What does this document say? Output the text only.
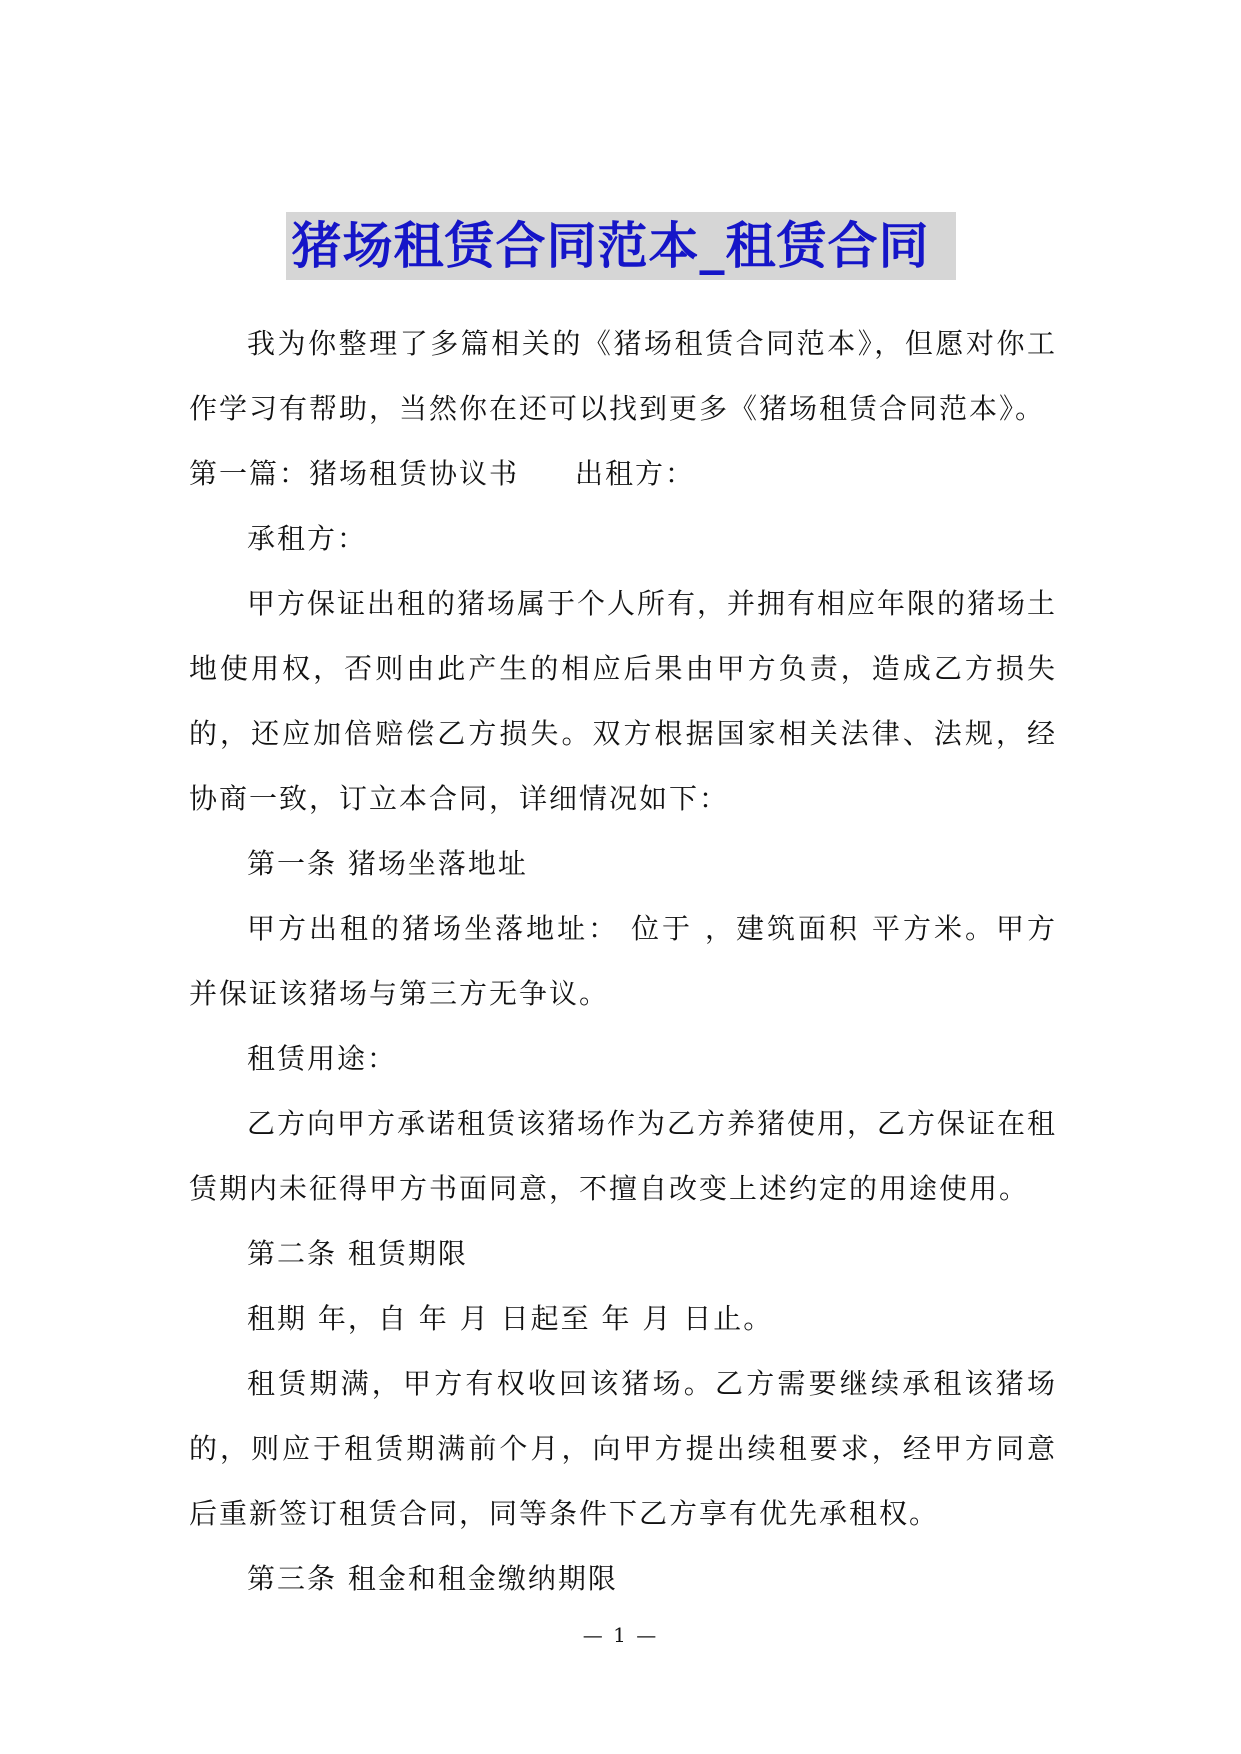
猪场租赁合同范本_租赁合同

我为你整理了多篇相关的《猪场租赁合同范本》，但愿对你工作学习有帮助，当然你在还可以找到更多《猪场租赁合同范本》。

第一篇：猪场租赁协议书 出租方：

承租方：

甲方保证出租的猪场属于个人所有，并拥有相应年限的猪场土地使用权，否则由此产生的相应后果由甲方负责，造成乙方损失的，还应加倍赔偿乙方损失。双方根据国家相关法律、法规，经协商一致，订立本合同，详细情况如下：

第一条 猪场坐落地址

甲方出租的猪场坐落地址： 位于 ，建筑面积 平方米。甲方并保证该猪场与第三方无争议。

租赁用途：

乙方向甲方承诺租赁该猪场作为乙方养猪使用，乙方保证在租赁期内未征得甲方书面同意，不擅自改变上述约定的用途使用。

第二条 租赁期限

租期 年，自 年 月 日起至 年 月 日止。

租赁期满，甲方有权收回该猪场。乙方需要继续承租该猪场的，则应于租赁期满前个月，向甲方提出续租要求，经甲方同意后重新签订租赁合同，同等条件下乙方享有优先承租权。

第三条 租金和租金缴纳期限

— 1 —
